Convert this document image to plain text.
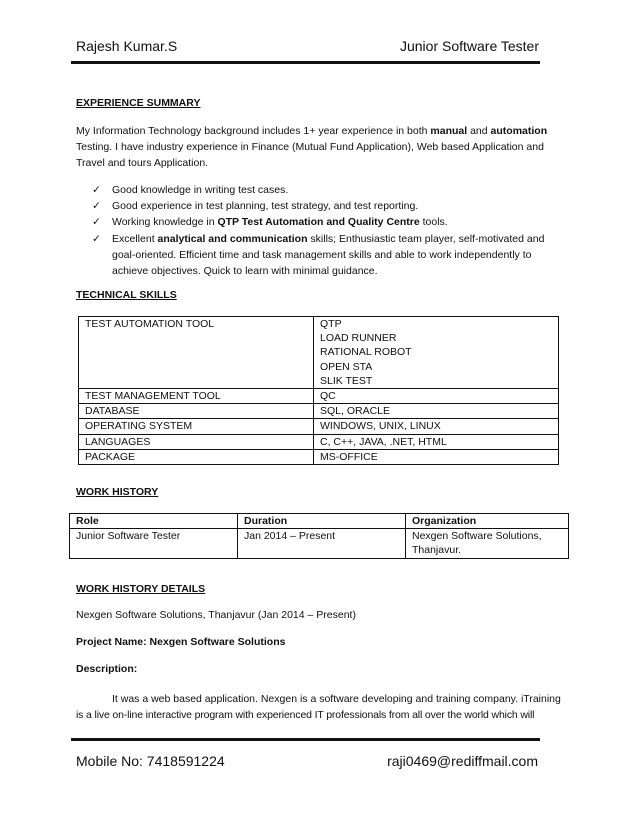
Rajesh Kumar.S	Junior Software Tester
EXPERIENCE SUMMARY
My Information Technology background includes 1+ year experience in both manual and automation Testing. I have industry experience in Finance (Mutual Fund Application), Web based Application and Travel and tours Application.
✓ Good knowledge in writing test cases.
✓ Good experience in test planning, test strategy, and test reporting.
✓ Working knowledge in QTP Test Automation and Quality Centre tools.
✓ Excellent analytical and communication skills; Enthusiastic team player, self-motivated and goal-oriented. Efficient time and task management skills and able to work independently to achieve objectives. Quick to learn with minimal guidance.
TECHNICAL SKILLS
TEST AUTOMATION TOOL	QTP
LOAD RUNNER
RATIONAL ROBOT
OPEN STA
SLIK TEST

TEST MANAGEMENT TOOL	QC
DATABASE	SQL, ORACLE
OPERATING SYSTEM	WINDOWS, UNIX, LINUX
LANGUAGES	C, C++, JAVA, .NET, HTML
PACKAGE	MS-OFFICE
WORK HISTORY
Role	Duration	Organization
Junior Software Tester	Jan 2014 – Present	Nexgen Software Solutions,
Thanjavur.
WORK HISTORY DETAILS
Nexgen Software Solutions, Thanjavur (Jan 2014 – Present)
Project Name: Nexgen Software Solutions
Description:
It was a web based application. Nexgen is a software developing and training company. iTraining
is a live on-line interactive program with experienced IT professionals from all over the world which will
Mobile No: 7418591224	raji0469@rediffmail.com
